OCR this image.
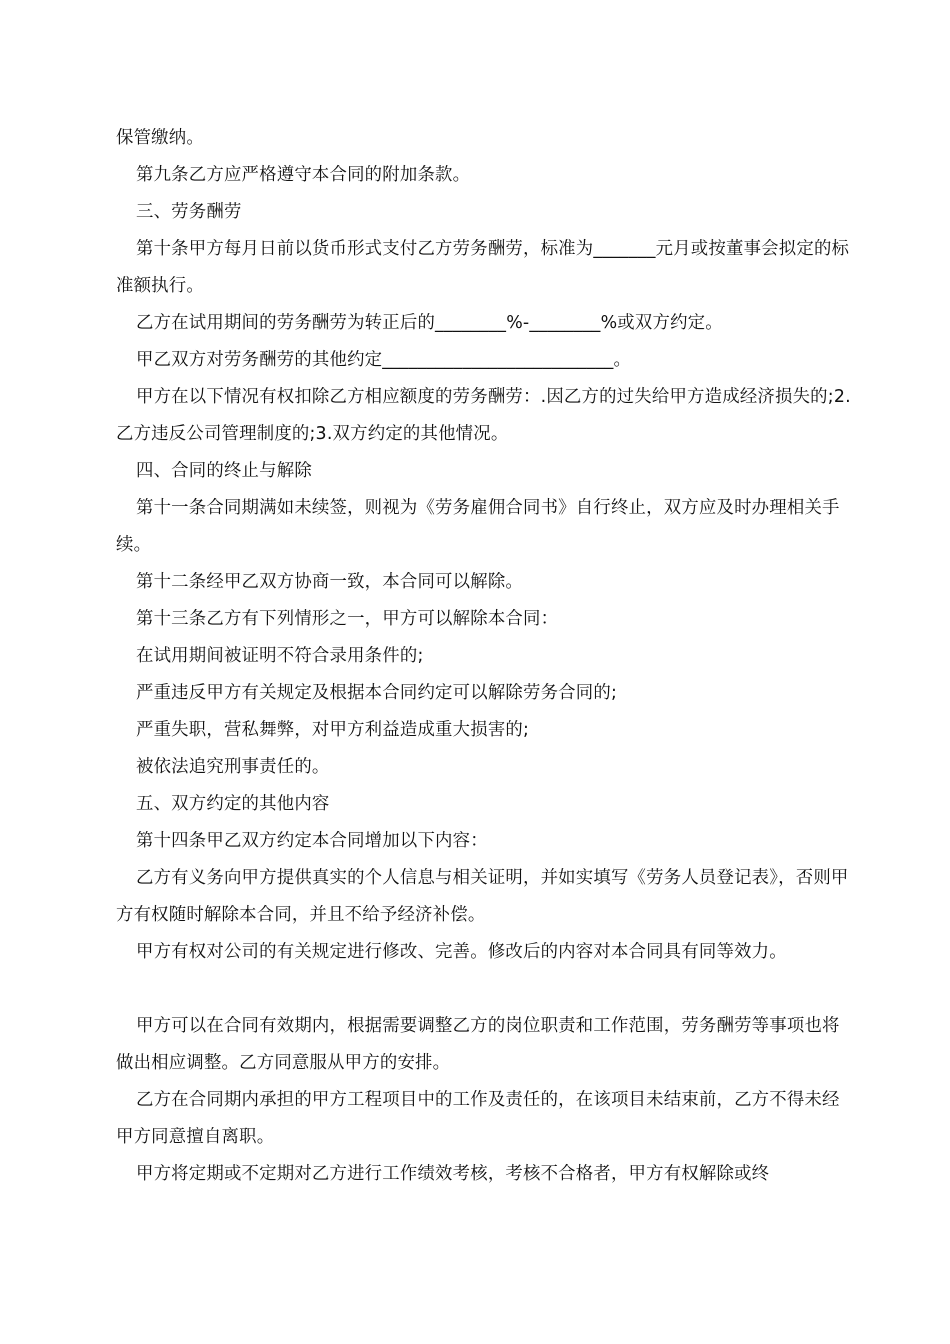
保管缴纳。

第九条乙方应严格遵守本合同的附加条款。

三、劳务酬劳

第十条甲方每月日前以货币形式支付乙方劳务酬劳，标准为_______元月或按董事会拟定的标准额执行。

乙方在试用期间的劳务酬劳为转正后的________%-________%或双方约定。

甲乙双方对劳务酬劳的其他约定__________________________。

甲方在以下情况有权扣除乙方相应额度的劳务酬劳：.因乙方的过失给甲方造成经济损失的;2.乙方违反公司管理制度的;3.双方约定的其他情况。

四、合同的终止与解除

第十一条合同期满如未续签，则视为《劳务雇佣合同书》自行终止，双方应及时办理相关手续。

第十二条经甲乙双方协商一致，本合同可以解除。

第十三条乙方有下列情形之一，甲方可以解除本合同：

在试用期间被证明不符合录用条件的;

严重违反甲方有关规定及根据本合同约定可以解除劳务合同的;

严重失职，营私舞弊，对甲方利益造成重大损害的;

被依法追究刑事责任的。

五、双方约定的其他内容

第十四条甲乙双方约定本合同增加以下内容：

乙方有义务向甲方提供真实的个人信息与相关证明，并如实填写《劳务人员登记表》，否则甲方有权随时解除本合同，并且不给予经济补偿。

甲方有权对公司的有关规定进行修改、完善。修改后的内容对本合同具有同等效力。

甲方可以在合同有效期内，根据需要调整乙方的岗位职责和工作范围，劳务酬劳等事项也将做出相应调整。乙方同意服从甲方的安排。

乙方在合同期内承担的甲方工程项目中的工作及责任的，在该项目未结束前，乙方不得未经甲方同意擅自离职。

甲方将定期或不定期对乙方进行工作绩效考核，考核不合格者，甲方有权解除或终
